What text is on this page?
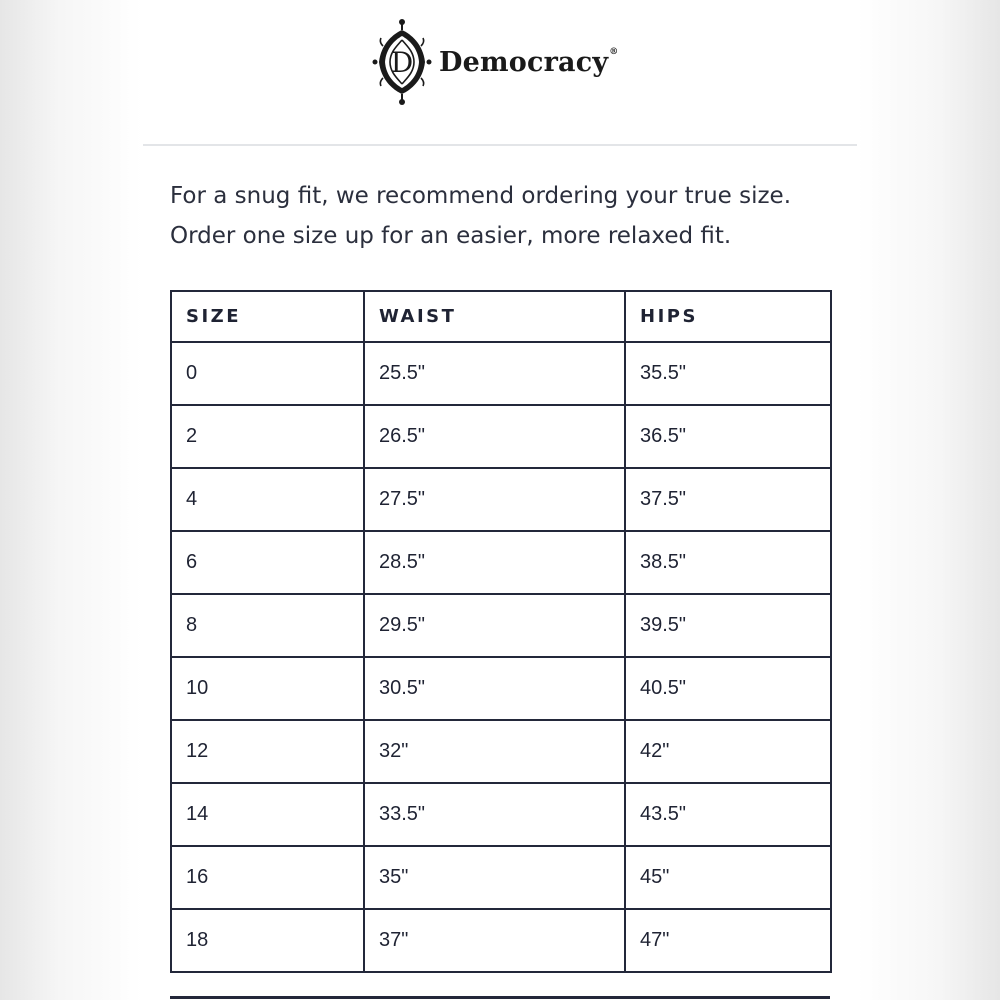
D Democracy®

For a snug fit, we recommend ordering your true size.
Order one size up for an easier, more relaxed fit.

SIZE	WAIST	HIPS
0	25.5"	35.5"
2	26.5"	36.5"
4	27.5"	37.5"
6	28.5"	38.5"
8	29.5"	39.5"
10	30.5"	40.5"
12	32"	42"
14	33.5"	43.5"
16	35"	45"
18	37"	47"
